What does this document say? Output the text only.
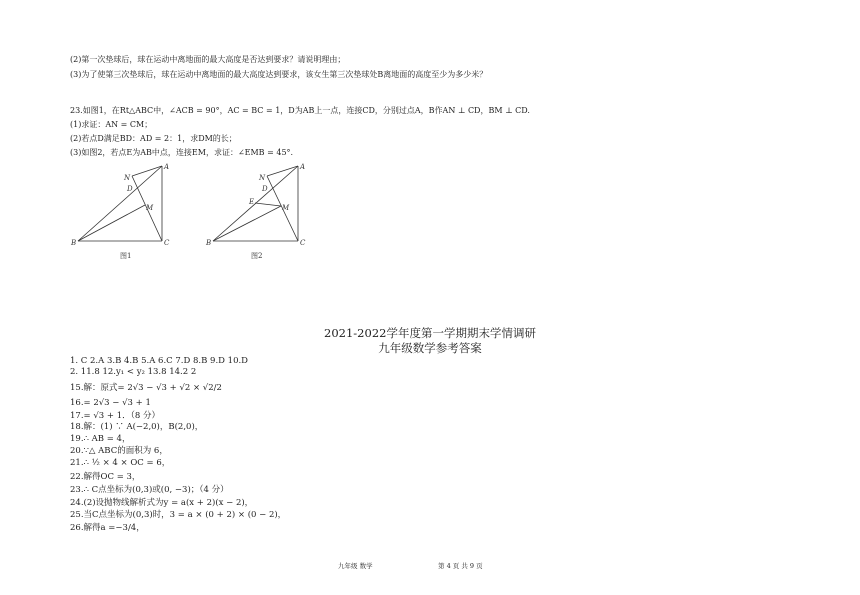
(2)第一次垫球后，球在运动中离地面的最大高度是否达到要求？请说明理由；
(3)为了使第三次垫球后，球在运动中离地面的最大高度达到要求，该女生第三次垫球处B离地面的高度至少为多少米？
23.如图1，在Rt△ABC中，∠ACB = 90°，AC = BC = 1，D为AB上一点，连接CD，分别过点A，B作AN ⊥ CD，BM ⊥ CD.
(1)求证：AN = CM；
(2)若点D满足BD：AD = 2：1，求DM的长；
(3)如图2，若点E为AB中点，连接EM，求证：∠EMB = 45°.
A
N
D
M
B	C
图1
A
N
D
E
M
B	C
图2
2021-2022学年度第一学期期末学情调研
九年级数学参考答案
1. C 2.A 3.B 4.B 5.A 6.C 7.D 8.B 9.D 10.D
2. 11.8 12.y₁ < y₂ 13.8 14.2 2
15.解：原式= 2√3 − √3 + √2 × √2/2
16.= 2√3 − √3 + 1
17.= √3 + 1．（8 分）
18.解：(1) ∵ A(−2,0)，B(2,0)，
19.∴ AB = 4，
20.∵△ ABC的面积为 6，
21.∴ ½ × 4 × OC = 6，
22.解得OC = 3，
23.∴ C点坐标为(0,3)或(0, −3)；（4 分）
24.(2)设抛物线解析式为y = a(x + 2)(x − 2)，
25.当C点坐标为(0,3)时，3 = a × (0 + 2) × (0 − 2)，
26.解得a =−3/4，
九年级 数学	第 4 页 共 9 页
